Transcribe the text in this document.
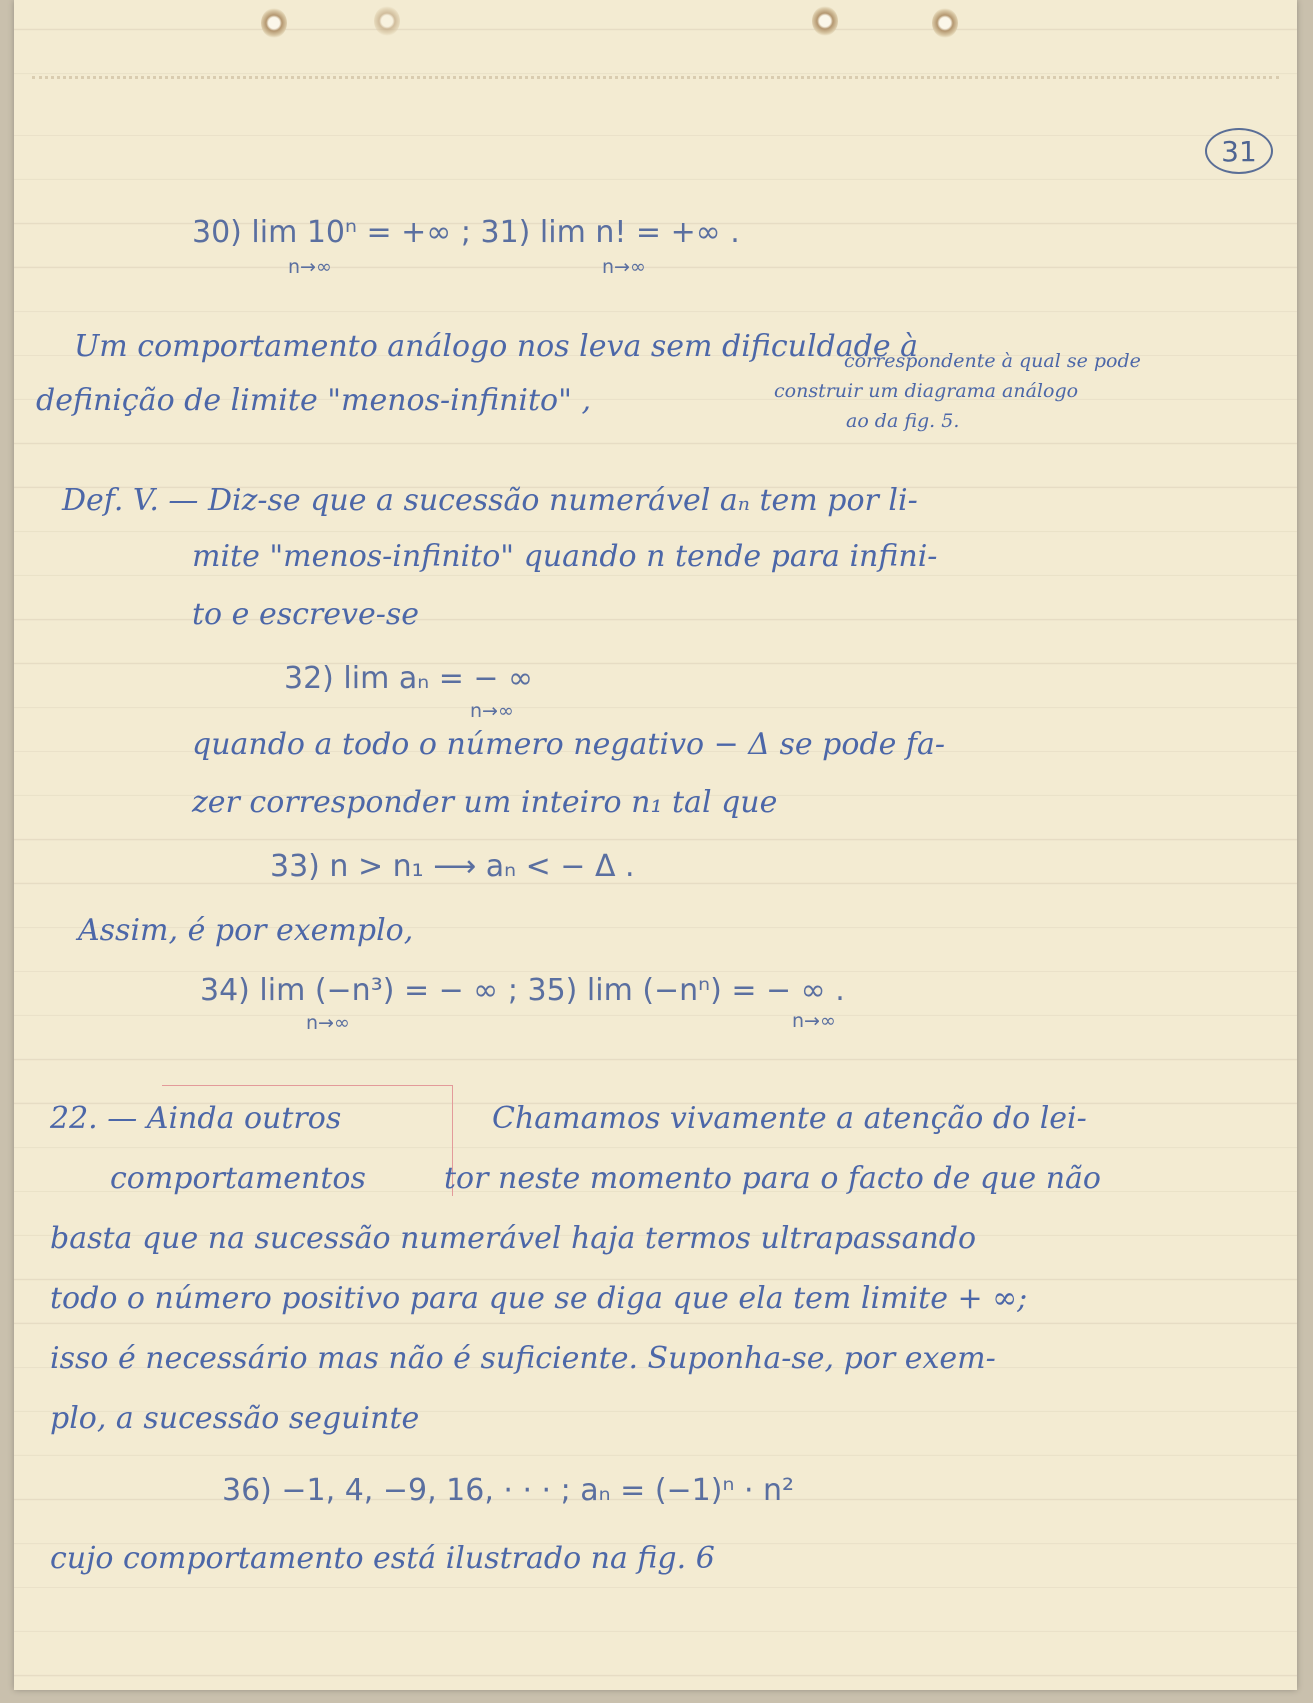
31

30) lim 10ⁿ = +∞ ; 31) lim n! = +∞ .

n→∞	n→∞

Um comportamento análogo nos leva sem dificuldade à

definição de limite "menos-infinito" ,

correspondente à qual se pode

construir um diagrama análogo

ao da fig. 5.

Def. V. — Diz-se que a sucessão numerável aₙ tem por li-

mite "menos-infinito" quando n tende para infini-

to e escreve-se

32) lim aₙ = − ∞

n→∞

quando a todo o número negativo − Δ se pode fa-

zer corresponder um inteiro n₁ tal que

33) n > n₁ ⟶ aₙ < − Δ .

Assim, é por exemplo,

34) lim (−n³) = − ∞ ; 35) lim (−nⁿ) = − ∞ .

n→∞	n→∞

22. — Ainda outros

comportamentos

Chamamos vivamente a atenção do lei-

tor neste momento para o facto de que não

basta que na sucessão numerável haja termos ultrapassando

todo o número positivo para que se diga que ela tem limite + ∞;

isso é necessário mas não é suficiente. Suponha-se, por exem-

plo, a sucessão seguinte

36) −1, 4, −9, 16, · · · ; aₙ = (−1)ⁿ · n²

cujo comportamento está ilustrado na fig. 6
